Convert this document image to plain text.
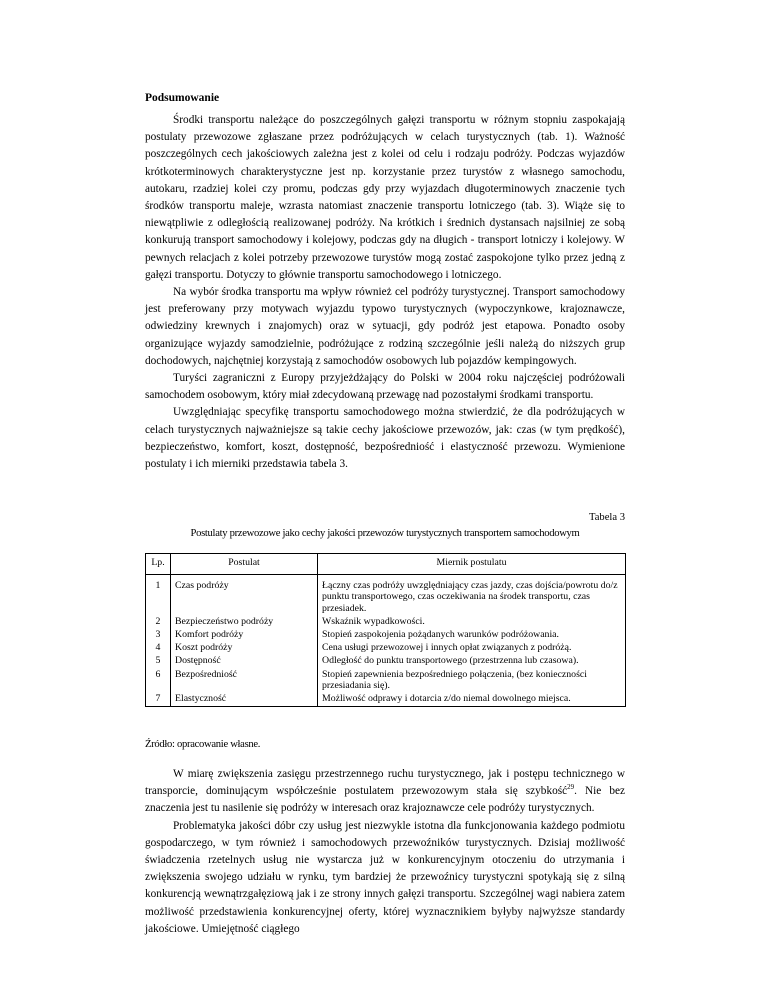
Podsumowanie

Środki transportu należące do poszczególnych gałęzi transportu w różnym stopniu zaspokajają postulaty przewozowe zgłaszane przez podróżujących w celach turystycznych (tab. 1). Ważność poszczególnych cech jakościowych zależna jest z kolei od celu i rodzaju podróży. Podczas wyjazdów krótkoterminowych charakterystyczne jest np. korzystanie przez turystów z własnego samochodu, autokaru, rzadziej kolei czy promu, podczas gdy przy wyjazdach długoterminowych znaczenie tych środków transportu maleje, wzrasta natomiast znaczenie transportu lotniczego (tab. 3). Wiąże się to niewątpliwie z odległością realizowanej podróży. Na krótkich i średnich dystansach najsilniej ze sobą konkurują transport samochodowy i kolejowy, podczas gdy na długich - transport lotniczy i kolejowy. W pewnych relacjach z kolei potrzeby przewozowe turystów mogą zostać zaspokojone tylko przez jedną z gałęzi transportu. Dotyczy to głównie transportu samochodowego i lotniczego.

Na wybór środka transportu ma wpływ również cel podróży turystycznej. Transport samochodowy jest preferowany przy motywach wyjazdu typowo turystycznych (wypoczynkowe, krajoznawcze, odwiedziny krewnych i znajomych) oraz w sytuacji, gdy podróż jest etapowa. Ponadto osoby organizujące wyjazdy samodzielnie, podróżujące z rodziną szczególnie jeśli należą do niższych grup dochodowych, najchętniej korzystają z samochodów osobowych lub pojazdów kempingowych.

Turyści zagraniczni z Europy przyjeżdżający do Polski w 2004 roku najczęściej podróżowali samochodem osobowym, który miał zdecydowaną przewagę nad pozostałymi środkami transportu.

Uwzględniając specyfikę transportu samochodowego można stwierdzić, że dla podróżujących w celach turystycznych najważniejsze są takie cechy jakościowe przewozów, jak: czas (w tym prędkość), bezpieczeństwo, komfort, koszt, dostępność, bezpośredniość i elastyczność przewozu. Wymienione postulaty i ich mierniki przedstawia tabela 3.

Tabela 3
Postulaty przewozowe jako cechy jakości przewozów turystycznych transportem samochodowym
Lp.	Postulat	Miernik postulatu
1	Czas podróży	Łączny czas podróży uwzględniający czas jazdy, czas dojścia/powrotu do/z punktu transportowego, czas oczekiwania na środek transportu, czas przesiadek.
2	Bezpieczeństwo podróży	Wskaźnik wypadkowości.
3	Komfort podróży	Stopień zaspokojenia pożądanych warunków podróżowania.
4	Koszt podróży	Cena usługi przewozowej i innych opłat związanych z podróżą.
5	Dostępność	Odległość do punktu transportowego (przestrzenna lub czasowa).
6	Bezpośredniość	Stopień zapewnienia bezpośredniego połączenia, (bez konieczności przesiadania się).
7	Elastyczność	Możliwość odprawy i dotarcia z/do niemal dowolnego miejsca.
Źródło: opracowanie własne.

W miarę zwiększenia zasięgu przestrzennego ruchu turystycznego, jak i postępu technicznego w transporcie, dominującym współcześnie postulatem przewozowym stała się szybkość$^{29}$. Nie bez znaczenia jest tu nasilenie się podróży w interesach oraz krajoznawcze cele podróży turystycznych.

Problematyka jakości dóbr czy usług jest niezwykle istotna dla funkcjonowania każdego podmiotu gospodarczego, w tym również i samochodowych przewoźników turystycznych. Dzisiaj możliwość świadczenia rzetelnych usług nie wystarcza już w konkurencyjnym otoczeniu do utrzymania i zwiększenia swojego udziału w rynku, tym bardziej że przewoźnicy turystyczni spotykają się z silną konkurencją wewnątrzgałęziową jak i ze strony innych gałęzi transportu. Szczególnej wagi nabiera zatem możliwość przedstawienia konkurencyjnej oferty, której wyznacznikiem byłyby najwyższe standardy jakościowe. Umiejętność ciągłego
